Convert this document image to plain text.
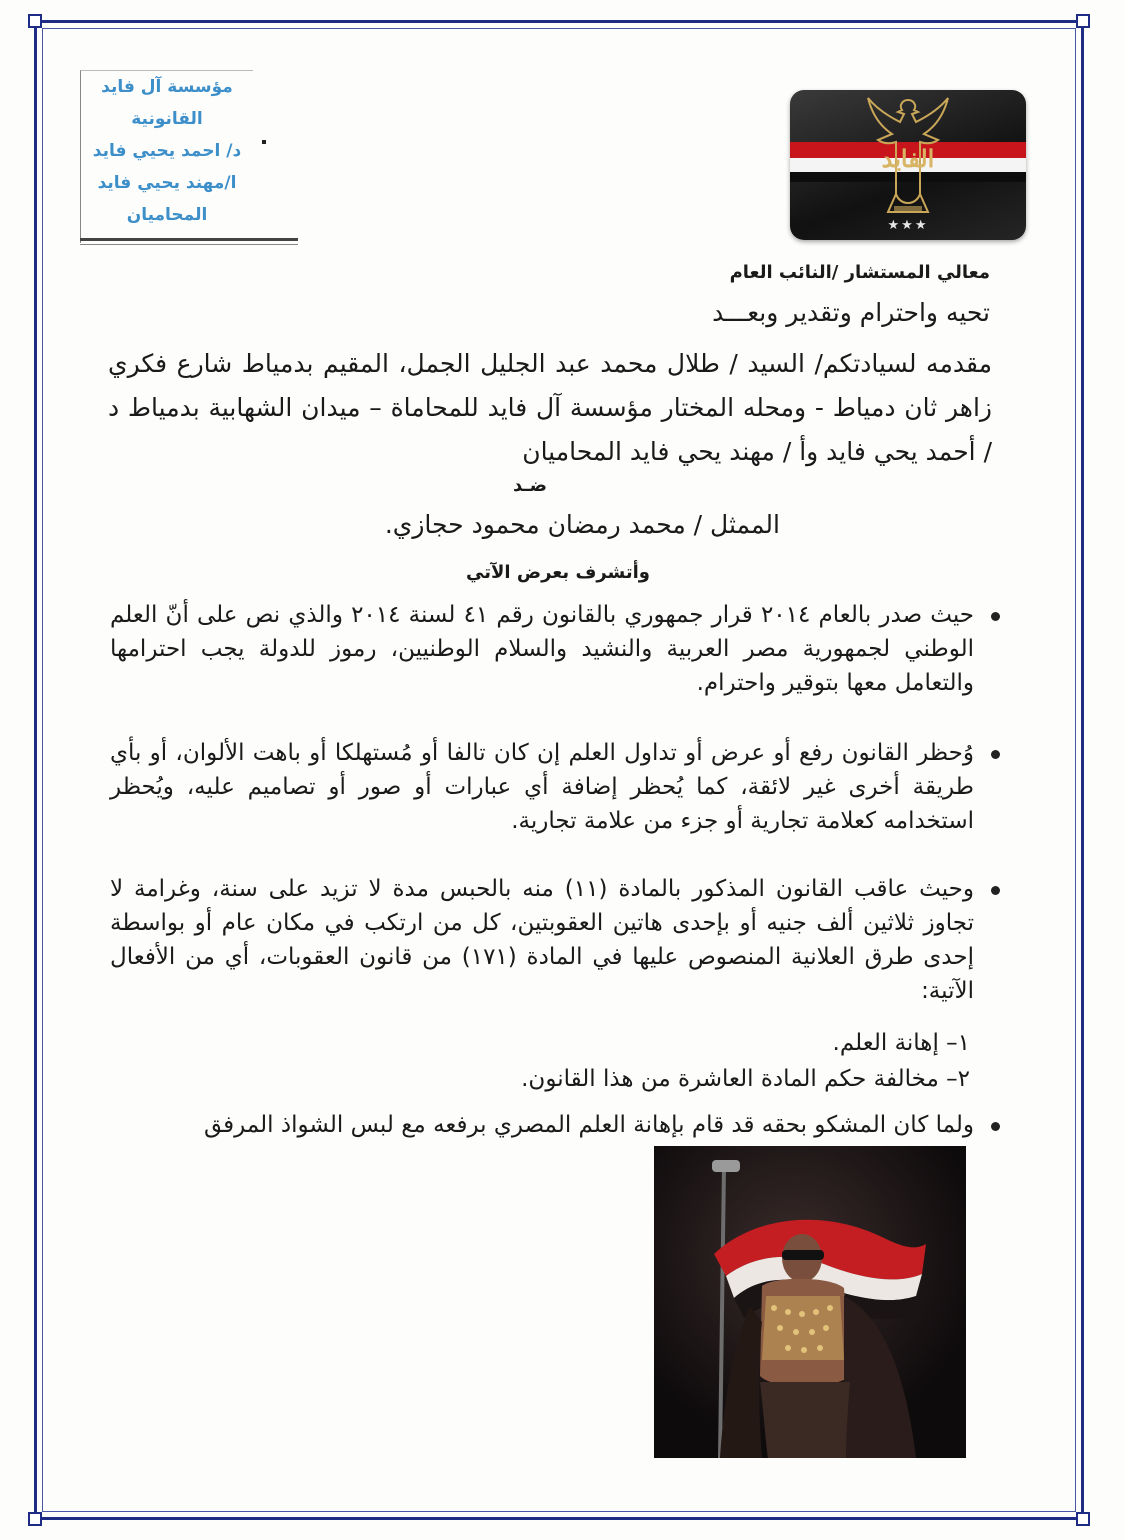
مؤسسة آل فايد
القانونية
د/ احمد يحيي فايد
ا/مهند يحيي فايد
المحاميان
الفايد
★★★
معالي المستشار /النائب العام
تحيه واحترام وتقدير وبعـــد
مقدمه لسيادتكم/ السيد / طلال محمد عبد الجليل الجمل، المقيم بدمياط شارع فكري زاهر ثان دمياط - ومحله المختار مؤسسة آل فايد للمحاماة – ميدان الشهابية بدمياط د / أحمد يحي فايد وأ / مهند يحي فايد المحاميان
ضـد
الممثل / محمد رمضان محمود حجازي.
وأتشرف بعرض الآتي
حيث صدر بالعام ٢٠١٤ قرار جمهوري بالقانون رقم ٤١ لسنة ٢٠١٤ والذي نص على أنّ العلم الوطني لجمهورية مصر العربية والنشيد والسلام الوطنيين، رموز للدولة يجب احترامها والتعامل معها بتوقير واحترام.
وُحظر القانون رفع أو عرض أو تداول العلم إن كان تالفا أو مُستهلكا أو باهت الألوان، أو بأي طريقة أخرى غير لائقة، كما يُحظر إضافة أي عبارات أو صور أو تصاميم عليه، ويُحظر استخدامه كعلامة تجارية أو جزء من علامة تجارية.
وحيث عاقب القانون المذكور بالمادة (١١) منه بالحبس مدة لا تزيد على سنة، وغرامة لا تجاوز ثلاثين ألف جنيه أو بإحدى هاتين العقوبتين، كل من ارتكب في مكان عام أو بواسطة إحدى طرق العلانية المنصوص عليها في المادة (١٧١) من قانون العقوبات، أي من الأفعال الآتية:
١– إهانة العلم.
٢– مخالفة حكم المادة العاشرة من هذا القانون.
ولما كان المشكو بحقه قد قام بإهانة العلم المصري برفعه مع لبس الشواذ المرفق
